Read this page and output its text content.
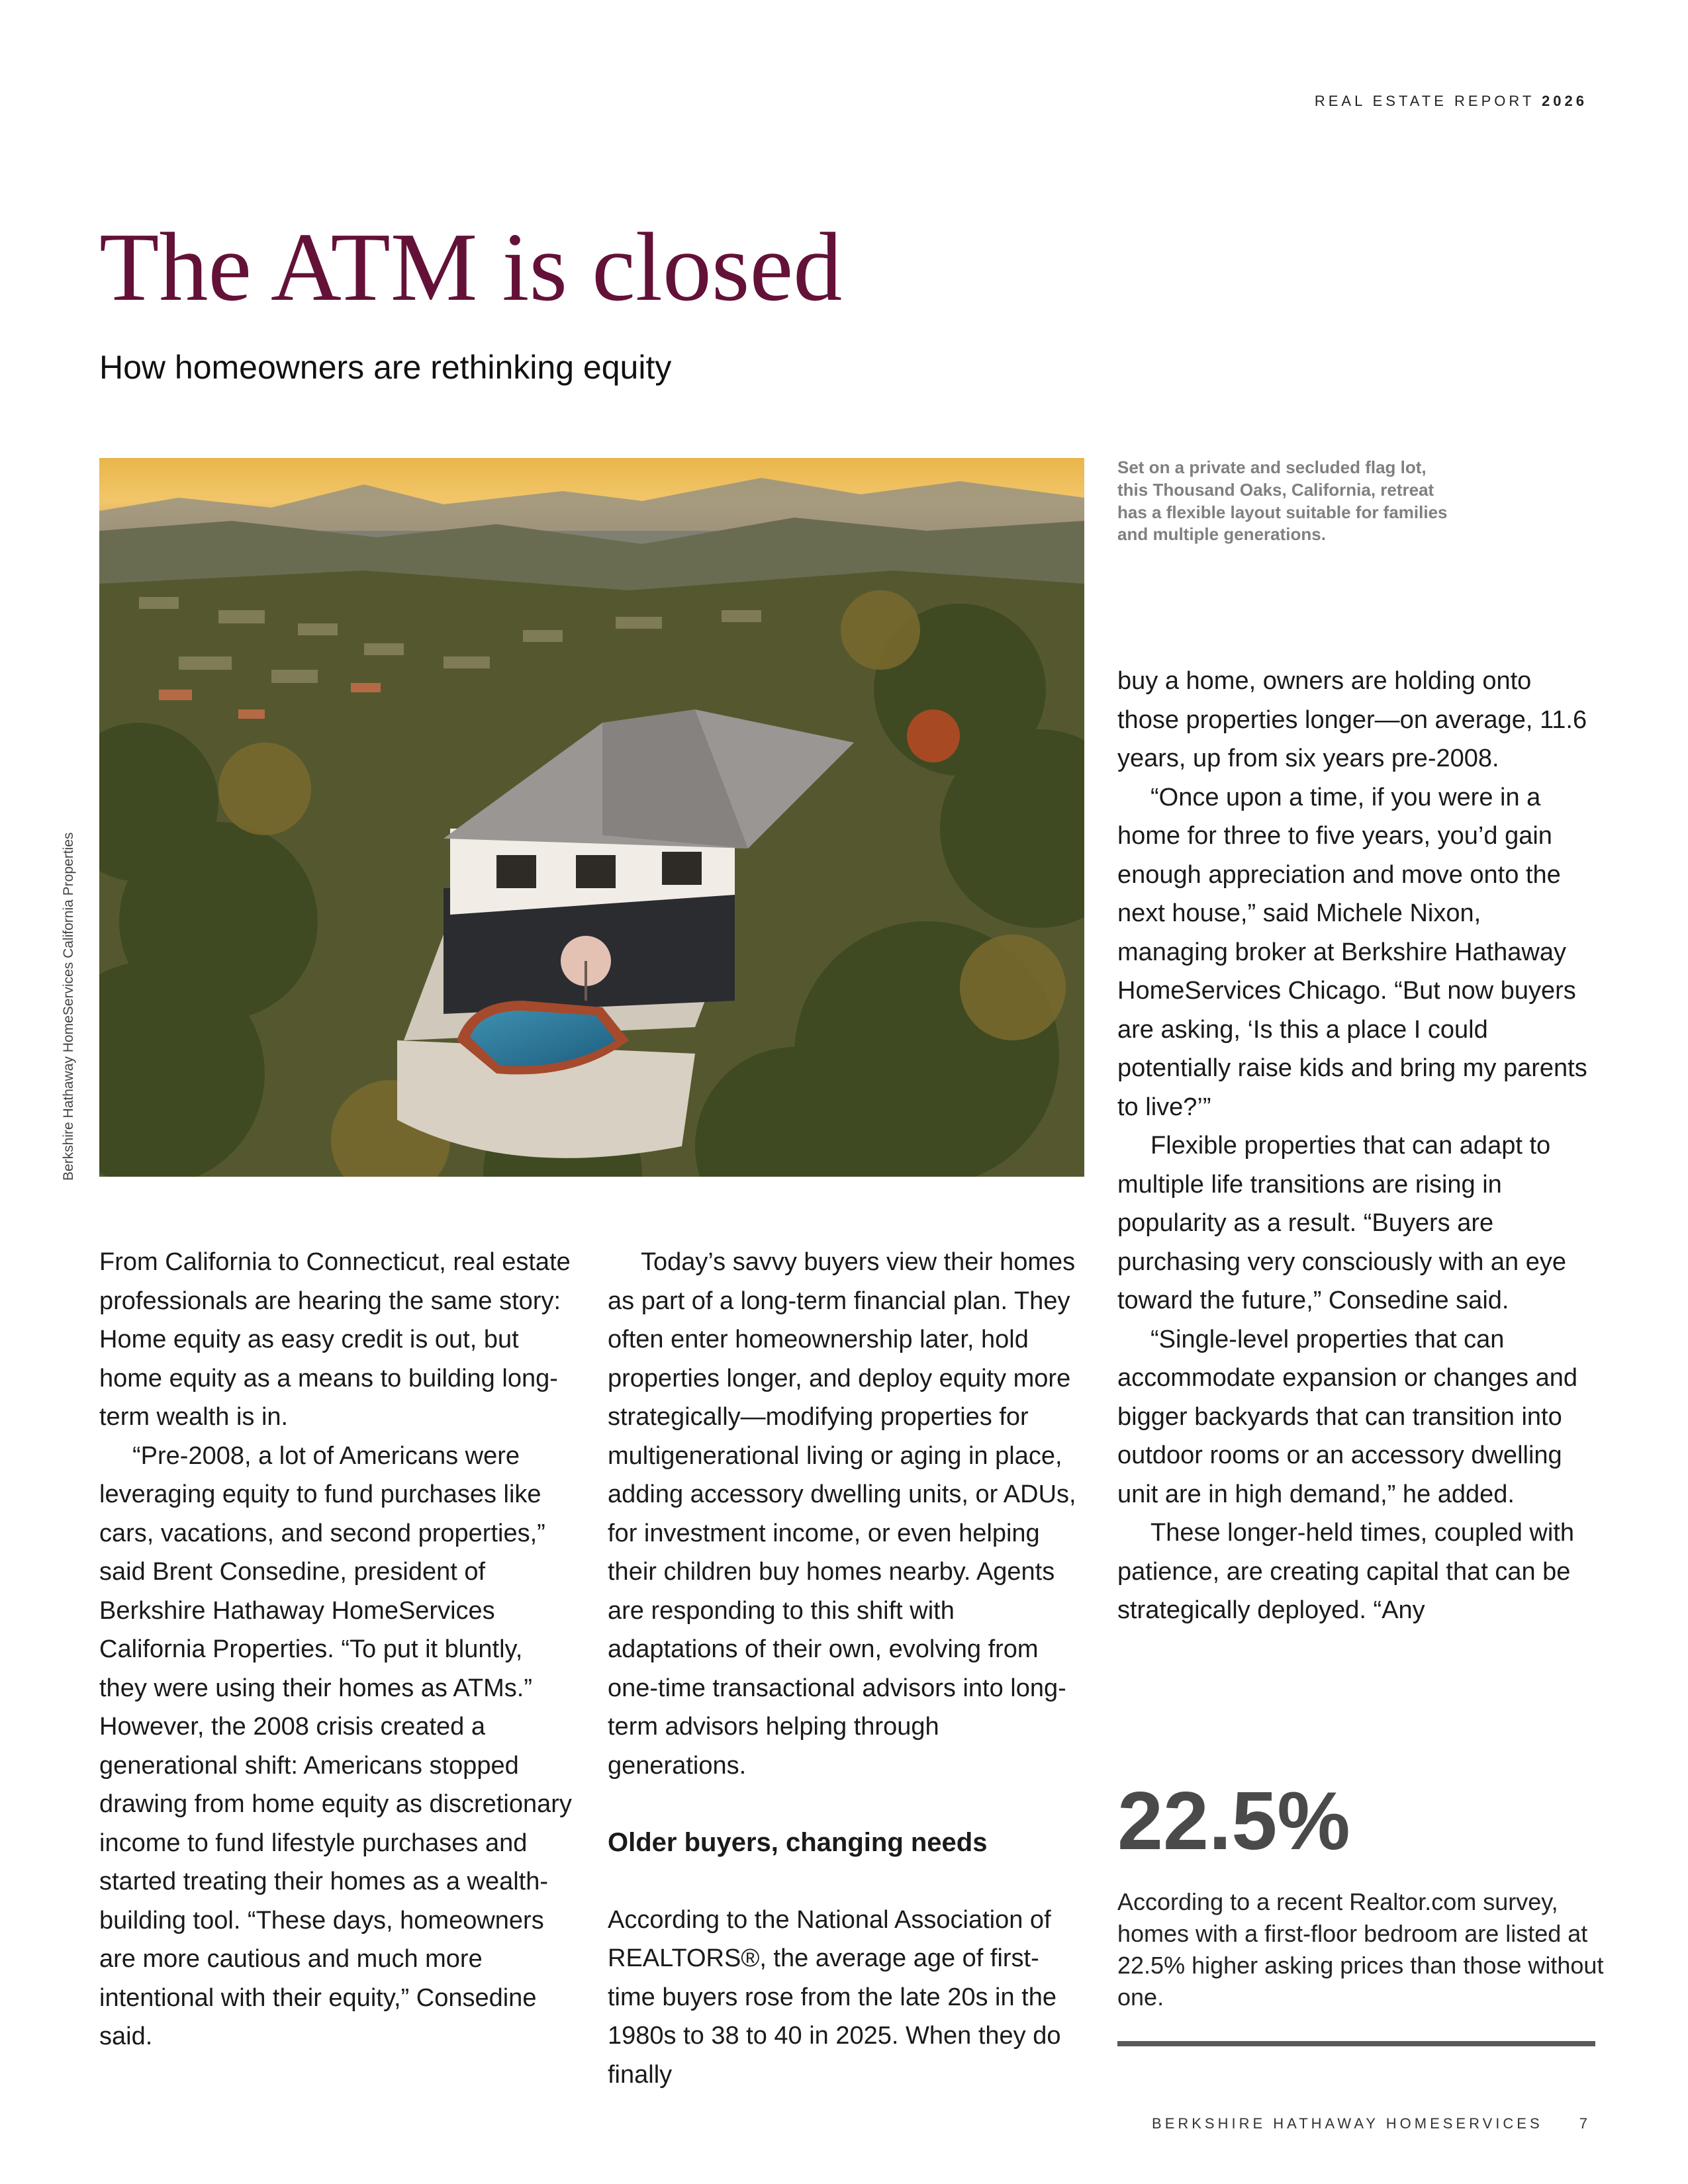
REAL ESTATE REPORT 2026
The ATM is closed
How homeowners are rethinking equity
Set on a private and secluded flag lot, this Thousand Oaks, California, retreat has a flexible layout suitable for families and multiple generations.
Berkshire Hathaway HomeServices California Properties

From California to Connecticut, real estate professionals are hearing the same story: Home equity as easy credit is out, but home equity as a means to building long-term wealth is in.

“Pre-2008, a lot of Americans were leveraging equity to fund purchases like cars, vacations, and second properties,” said Brent Consedine, president of Berkshire Hathaway HomeServices California Properties. “To put it bluntly, they were using their homes as ATMs.” However, the 2008 crisis created a generational shift: Americans stopped drawing from home equity as discretionary income to fund lifestyle purchases and started treating their homes as a wealth-building tool. “These days, homeowners are more cautious and much more intentional with their equity,” Consedine said.

Today’s savvy buyers view their homes as part of a long-term financial plan. They often enter homeownership later, hold properties longer, and deploy equity more strategically—modifying properties for multigenerational living or aging in place, adding accessory dwelling units, or ADUs, for investment income, or even helping their children buy homes nearby. Agents are responding to this shift with adaptations of their own, evolving from one-time transactional advisors into long-term advisors helping through generations.

Older buyers, changing needs

According to the National Association of REALTORS®, the average age of first-time buyers rose from the late 20s in the 1980s to 38 to 40 in 2025. When they do finally

buy a home, owners are holding onto those properties longer—on average, 11.6 years, up from six years pre-2008.

“Once upon a time, if you were in a home for three to five years, you’d gain enough appreciation and move onto the next house,” said Michele Nixon, managing broker at Berkshire Hathaway HomeServices Chicago. “But now buyers are asking, ‘Is this a place I could potentially raise kids and bring my parents to live?’”

Flexible properties that can adapt to multiple life transitions are rising in popularity as a result. “Buyers are purchasing very consciously with an eye toward the future,” Consedine said.

“Single-level properties that can accommodate expansion or changes and bigger backyards that can transition into outdoor rooms or an accessory dwelling unit are in high demand,” he added.

These longer-held times, coupled with patience, are creating capital that can be strategically deployed. “Any

22.5%
According to a recent Realtor.com survey, homes with a first-floor bedroom are listed at 22.5% higher asking prices than those without one.
BERKSHIRE HATHAWAY HOMESERVICES	7
